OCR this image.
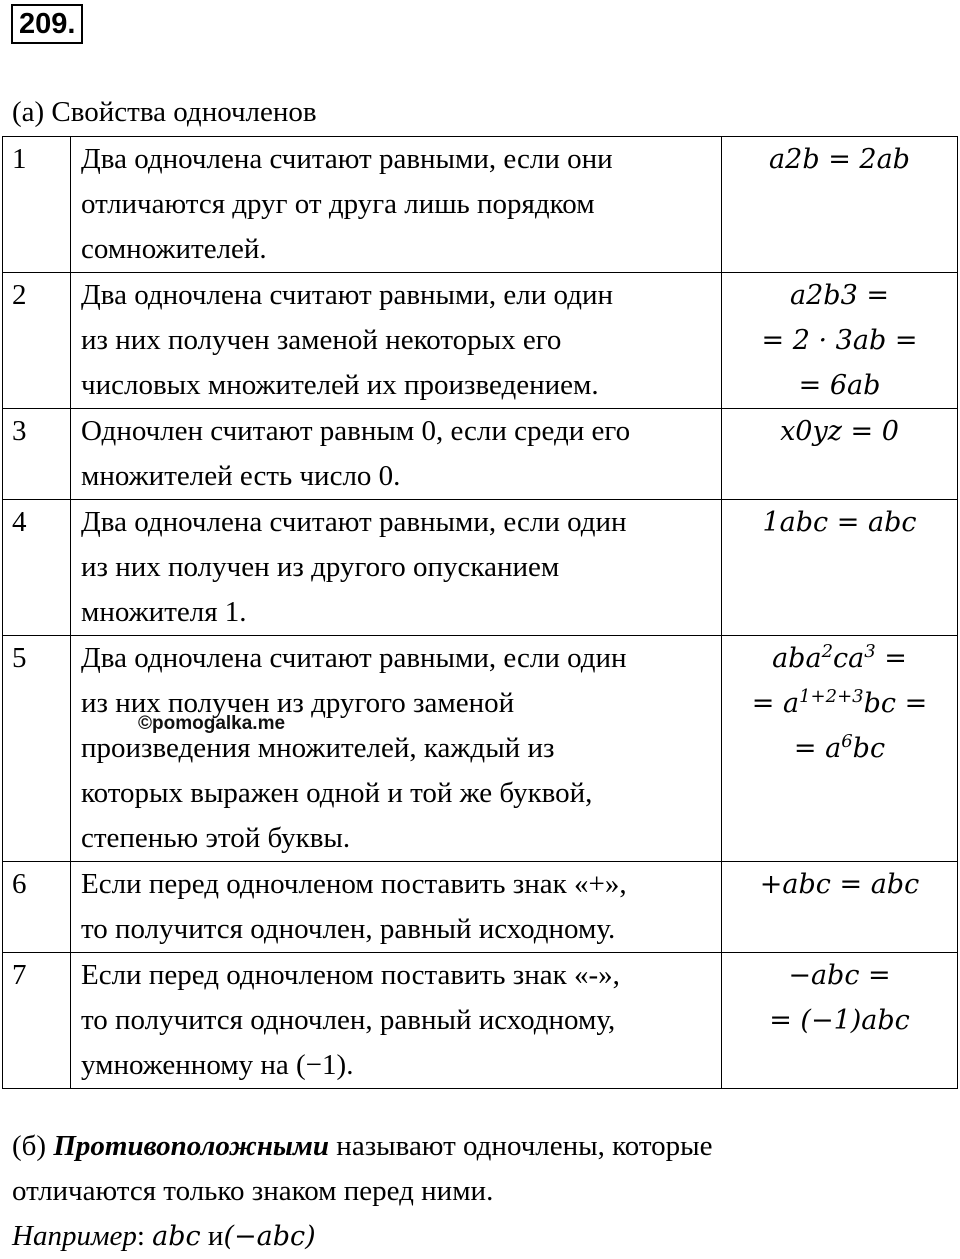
209.
(а) Свойства одночленов
1	Два одночлена считают равными, если они
отличаются друг от друга лишь порядком
сомножителей.	a2b = 2ab

2	Два одночлена считают равными, ели один
из них получен заменой некоторых его
числовых множителей их произведением.	a2b3 =
= 2 · 3ab =
= 6ab

3	Одночлен считают равным 0, если среди его
множителей есть число 0.	x0yz = 0

4	Два одночлена считают равными, если один
из них получен из другого опусканием
множителя 1.	1abc = abc

5	Два одночлена считают равными, если один
из них получен из другого заменой
произведения множителей, каждый из
которых выражен одной и той же буквой,
степенью этой буквы.	$aba^2ca^3$ =
= $a^{1+2+3}bc$ =
= $a^6bc$

6	Если перед одночленом поставить знак «+»,
то получится одночлен, равный исходному.	+abc = abc

7	Если перед одночленом поставить знак «-»,
то получится одночлен, равный исходному,
умноженному на (−1).	−abc =
= (−1)abc
©pomogalka.me
(б) Противоположными называют одночлены, которые
отличаются только знаком перед ними.
Например: abc и(−abc)
